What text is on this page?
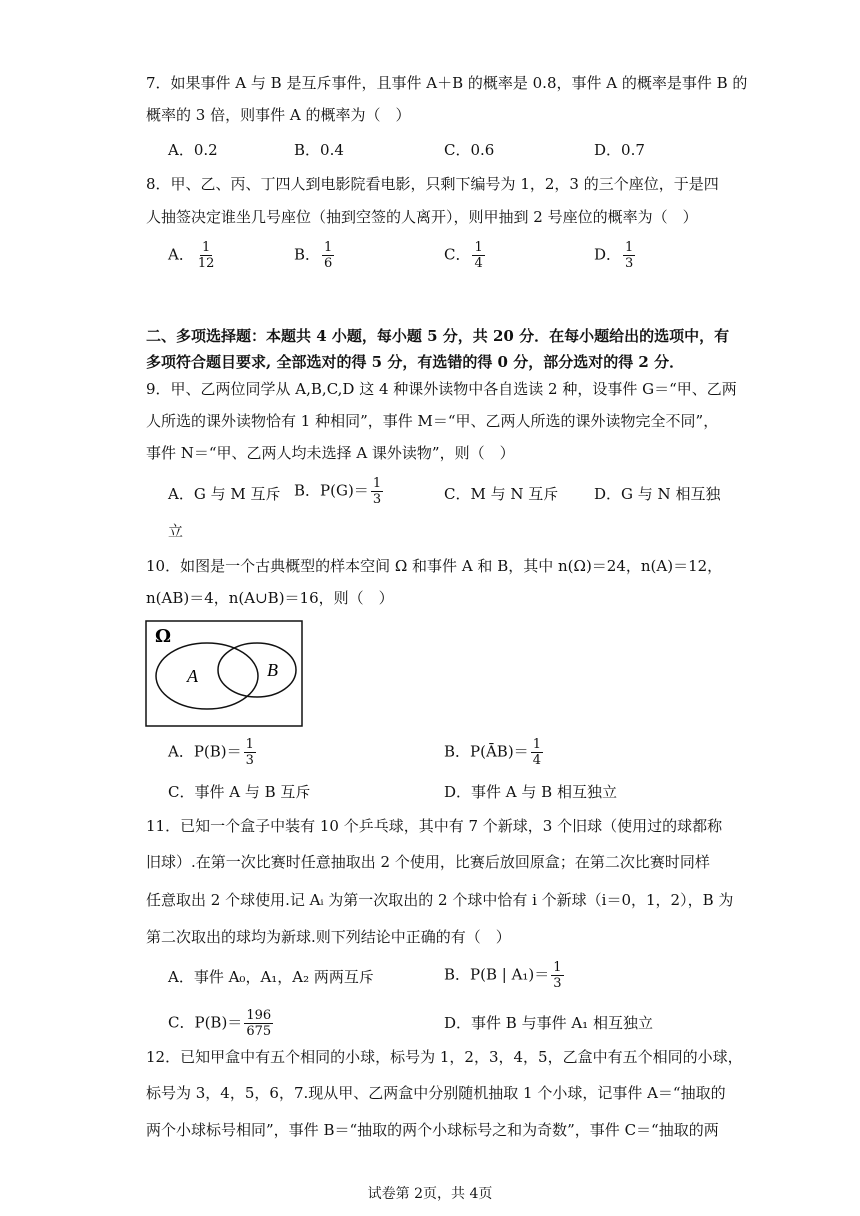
7．如果事件 A 与 B 是互斥事件，且事件 A＋B 的概率是 0.8，事件 A 的概率是事件 B 的
概率的 3 倍，则事件 A 的概率为（　）
A．0.2	B．0.4	C．0.6	D．0.7
8．甲、乙、丙、丁四人到电影院看电影，只剩下编号为 1，2，3 的三个座位，于是四
人抽签决定谁坐几号座位（抽到空签的人离开），则甲抽到 2 号座位的概率为（　）
A． $\frac{1}{12}$	B． $\frac{1}{6}$	C． $\frac{1}{4}$	D． $\frac{1}{3}$
二、多项选择题：本题共 4 小题，每小题 5 分，共 20 分．在每小题给出的选项中，有
多项符合题目要求, 全部选对的得 5 分，有选错的得 0 分，部分选对的得 2 分．
9．甲、乙两位同学从 A,B,C,D 这 4 种课外读物中各自选读 2 种，设事件 G＝“甲、乙两
人所选的课外读物恰有 1 种相同”，事件 M＝“甲、乙两人所选的课外读物完全不同”，
事件 N＝“甲、乙两人均未选择 A 课外读物”，则（　）
A．G 与 M 互斥 B．$P(G)= \frac{1}{3}$	C．M 与 N 互斥 D．G 与 N 相互独
立
10．如图是一个古典概型的样本空间 Ω 和事件 A 和 B，其中 n(Ω)＝24，n(A)＝12，
n(AB)＝4，n(A∪B)＝16，则（　）
Ω
A	B
A．$P(B)= \frac{1}{3}$	B．P(ĀB)＝ $\frac{1}{4}$
C．事件 A 与 B 互斥	D．事件 A 与 B 相互独立
11．已知一个盒子中装有 10 个乒乓球，其中有 7 个新球，3 个旧球（使用过的球都称
旧球）.在第一次比赛时任意抽取出 2 个使用，比赛后放回原盒；在第二次比赛时同样
任意取出 2 个球使用.记 Aᵢ 为第一次取出的 2 个球中恰有 i 个新球（i＝0，1，2），B 为
第二次取出的球均为新球.则下列结论中正确的有（　）
A．事件 A₀，A₁，A₂ 两两互斥	B．P(B | $A_1)= \frac{1}{3}$
C．$P(B)= \frac{196}{675}$	D．事件 B 与事件 A₁ 相互独立
12．已知甲盒中有五个相同的小球，标号为 1，2，3，4，5，乙盒中有五个相同的小球，
标号为 3，4，5，6，7.现从甲、乙两盒中分别随机抽取 1 个小球，记事件 A＝“抽取的
两个小球标号相同”，事件 B＝“抽取的两个小球标号之和为奇数”，事件 C＝“抽取的两
试卷第 2页，共 4页
